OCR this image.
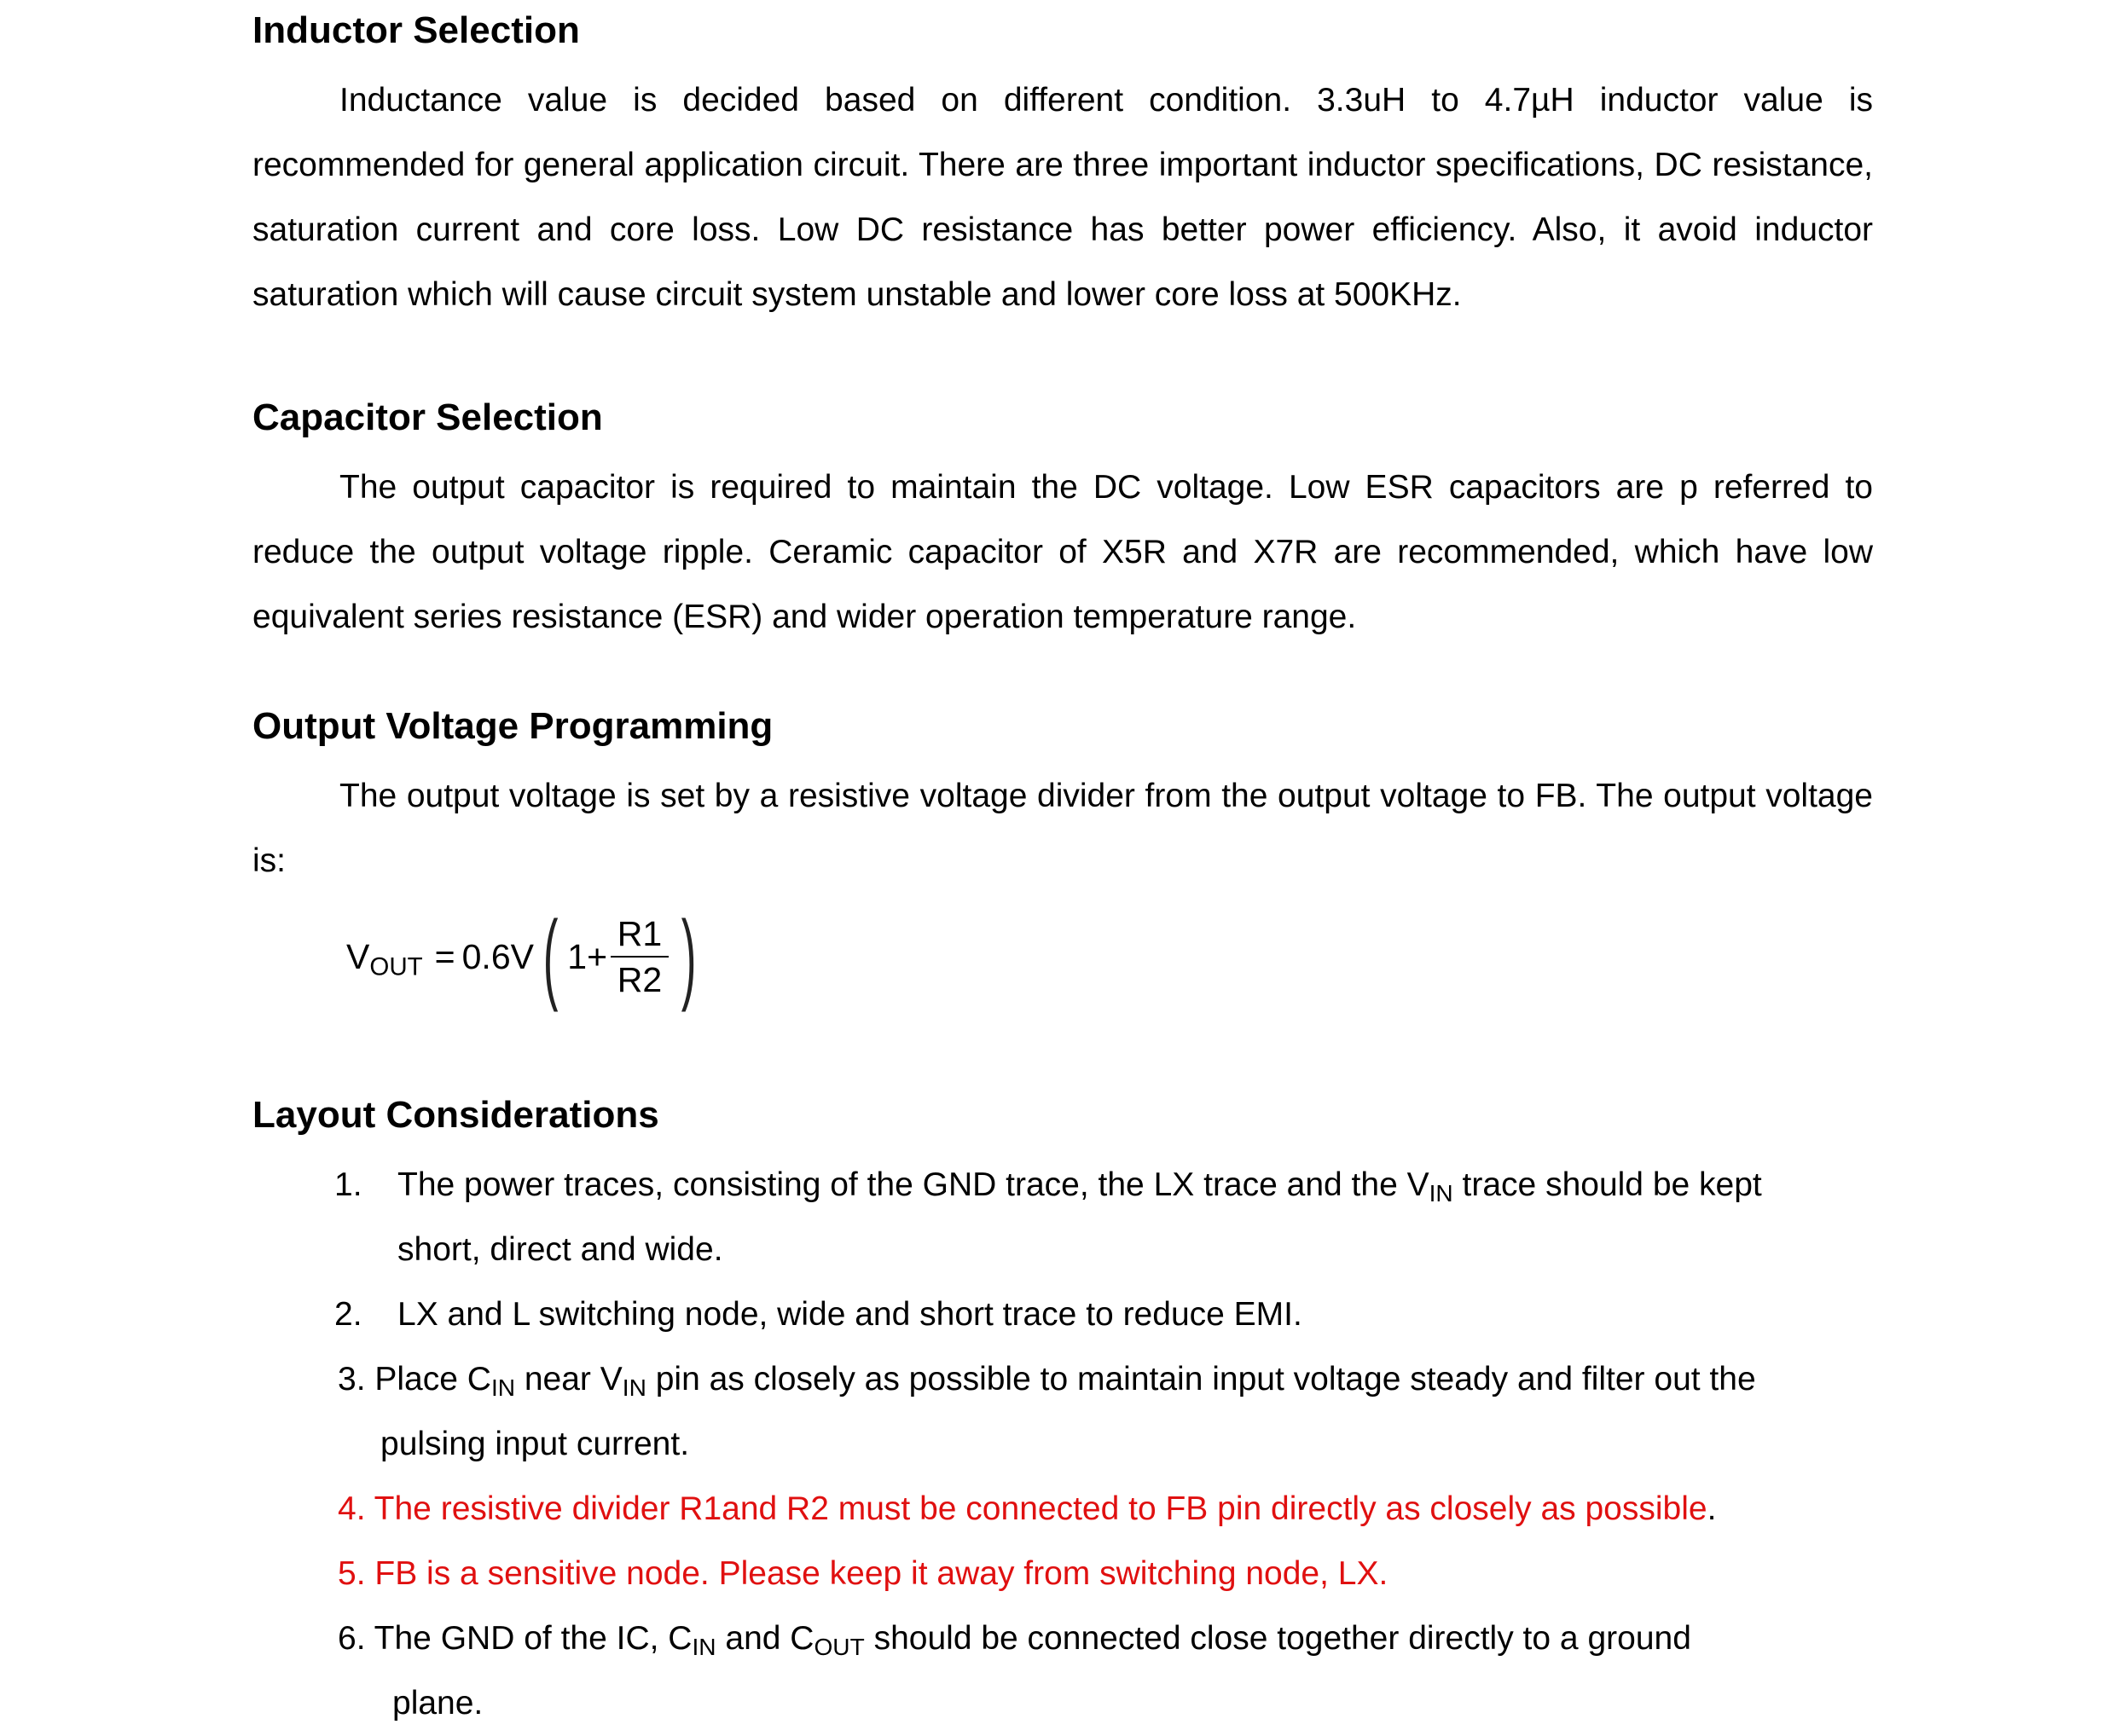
Inductor Selection

Inductance value is decided based on different condition. 3.3uH to 4.7µH inductor value is recommended for general application circuit. There are three important inductor specifications, DC resistance, saturation current and core loss. Low DC resistance has better power efficiency. Also, it avoid inductor saturation which will cause circuit system unstable and lower core loss at 500KHz.

Capacitor Selection

The output capacitor is required to maintain the DC voltage. Low ESR capacitors are p referred to reduce the output voltage ripple. Ceramic capacitor of X5R and X7R are recommended, which have low equivalent series resistance (ESR) and wider operation temperature range.

Output Voltage Programming

The output voltage is set by a resistive voltage divider from the output voltage to FB. The output voltage is:

$V_{OUT} = 0.6V$ ( $1+ \frac{R1}{R2}$ )
Layout Considerations
1. The power traces, consisting of the GND trace, the LX trace and the $V_{IN}$ trace should be kept
short, direct and wide.
2. LX and L switching node, wide and short trace to reduce EMI.
3. Place $C_{IN}$ near $V_{IN}$ pin as closely as possible to maintain input voltage steady and filter out the
pulsing input current.
4. The resistive divider R1and R2 must be connected to FB pin directly as closely as possible.
5. FB is a sensitive node. Please keep it away from switching node, LX.
6. The GND of the IC, $C_{IN}$ and $C_{OUT}$ should be connected close together directly to a ground
plane.
